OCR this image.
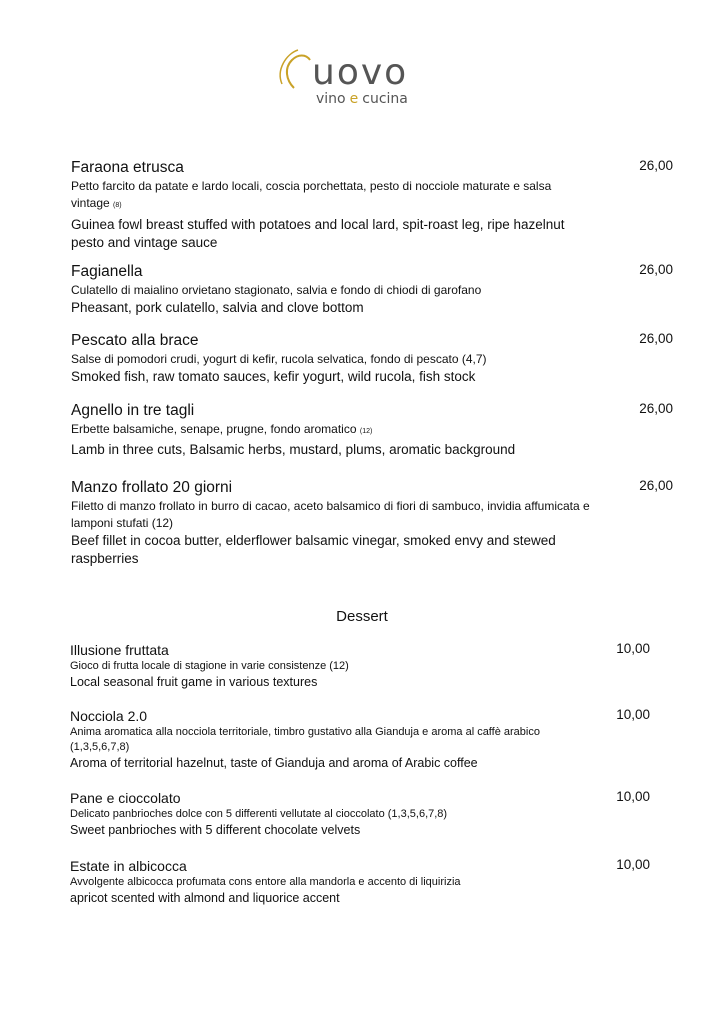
uovo
vino e cucina
Faraona etrusca	26,00
Petto farcito da patate e lardo locali, coscia porchettata, pesto di nocciole maturate e salsa vintage (8)
Guinea fowl breast stuffed with potatoes and local lard, spit-roast leg, ripe hazelnut pesto and vintage sauce
Fagianella	26,00
Culatello di maialino orvietano stagionato, salvia e fondo di chiodi di garofano
Pheasant, pork culatello, salvia and clove bottom
Pescato alla brace	26,00
Salse di pomodori crudi, yogurt di kefir, rucola selvatica, fondo di pescato (4,7)
Smoked fish, raw tomato sauces, kefir yogurt, wild rucola, fish stock
Agnello in tre tagli	26,00
Erbette balsamiche, senape, prugne, fondo aromatico (12)
Lamb in three cuts, Balsamic herbs, mustard, plums, aromatic background
Manzo frollato 20 giorni	26,00
Filetto di manzo frollato in burro di cacao, aceto balsamico di fiori di sambuco, invidia affumicata e lamponi stufati (12)
Beef fillet in cocoa butter, elderflower balsamic vinegar, smoked envy and stewed raspberries
Dessert
Illusione fruttata	10,00
Gioco di frutta locale di stagione in varie consistenze (12)
Local seasonal fruit game in various textures
Nocciola 2.0	10,00
Anima aromatica alla nocciola territoriale, timbro gustativo alla Gianduja e aroma al caffè arabico (1,3,5,6,7,8)
Aroma of territorial hazelnut, taste of Gianduja and aroma of Arabic coffee
Pane e cioccolato	10,00
Delicato panbrioches dolce con 5 differenti vellutate al cioccolato (1,3,5,6,7,8)
Sweet panbrioches with 5 different chocolate velvets
Estate in albicocca	10,00
Avvolgente albicocca profumata cons entore alla mandorla e accento di liquirizia
apricot scented with almond and liquorice accent
